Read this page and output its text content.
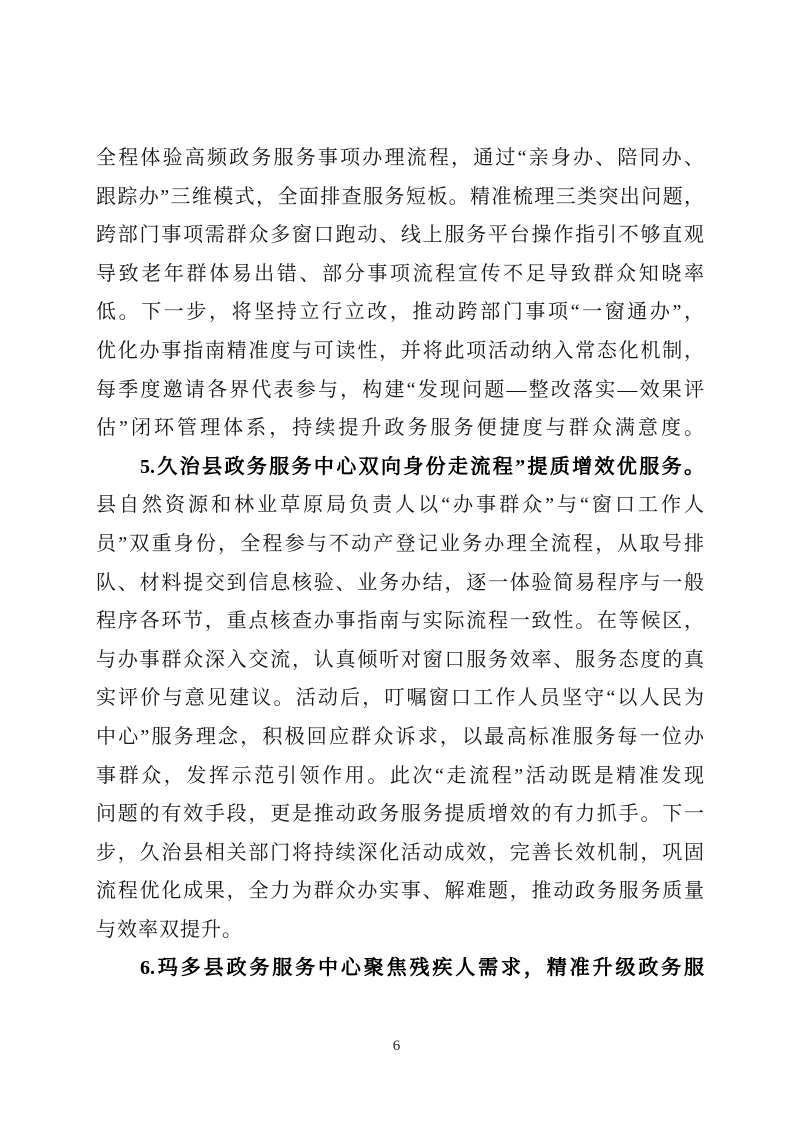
全程体验高频政务服务事项办理流程，通过“亲身办、陪同办、
跟踪办”三维模式，全面排查服务短板。精准梳理三类突出问题，
跨部门事项需群众多窗口跑动、线上服务平台操作指引不够直观
导致老年群体易出错、部分事项流程宣传不足导致群众知晓率
低。下一步，将坚持立行立改，推动跨部门事项“一窗通办”，
优化办事指南精准度与可读性，并将此项活动纳入常态化机制，
每季度邀请各界代表参与，构建“发现问题—整改落实—效果评
估”闭环管理体系，持续提升政务服务便捷度与群众满意度。
5.久治县政务服务中心双向身份走流程”提质增效优服务。
县自然资源和林业草原局负责人以“办事群众”与“窗口工作人
员”双重身份，全程参与不动产登记业务办理全流程，从取号排
队、材料提交到信息核验、业务办结，逐一体验简易程序与一般
程序各环节，重点核查办事指南与实际流程一致性。在等候区，
与办事群众深入交流，认真倾听对窗口服务效率、服务态度的真
实评价与意见建议。活动后，叮嘱窗口工作人员坚守“以人民为
中心”服务理念，积极回应群众诉求，以最高标准服务每一位办
事群众，发挥示范引领作用。此次“走流程”活动既是精准发现
问题的有效手段，更是推动政务服务提质增效的有力抓手。下一
步，久治县相关部门将持续深化活动成效，完善长效机制，巩固
流程优化成果，全力为群众办实事、解难题，推动政务服务质量
与效率双提升。
6.玛多县政务服务中心聚焦残疾人需求，精准升级政务服
6
